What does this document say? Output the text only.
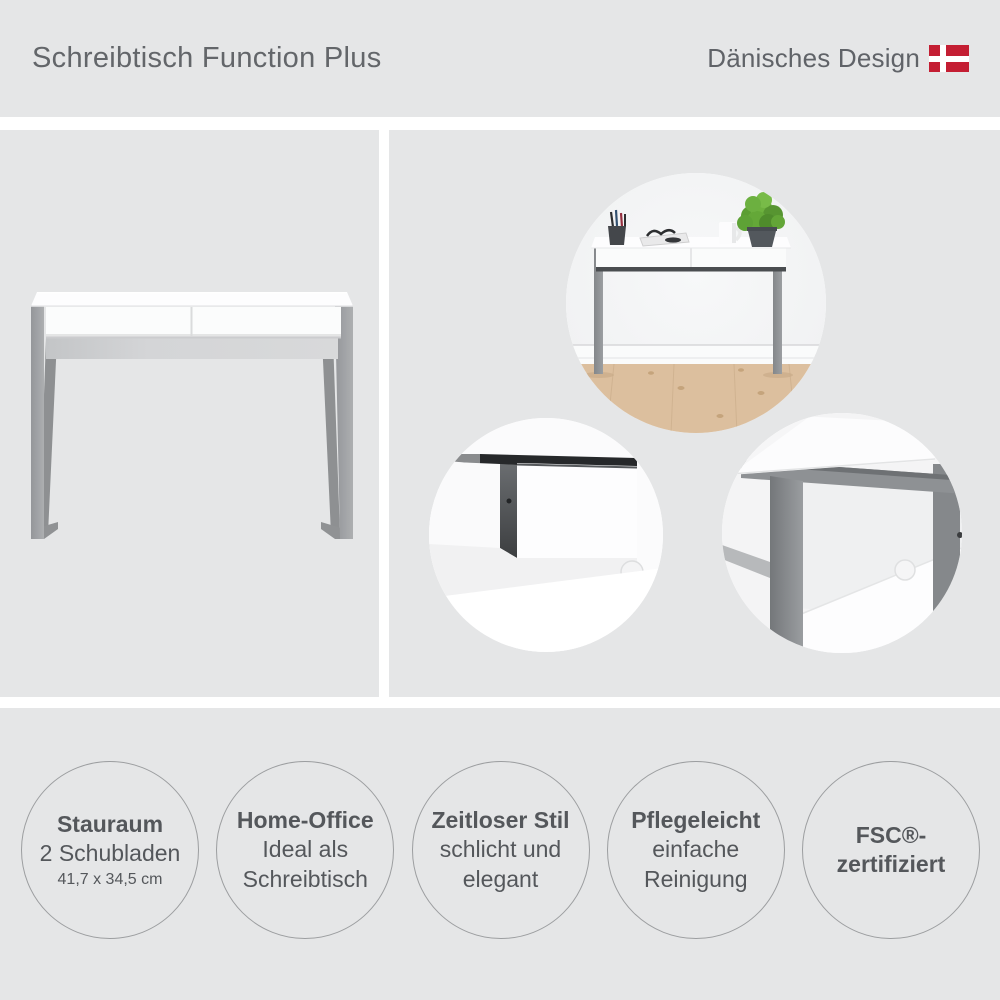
Schreibtisch Function Plus	Dänisches Design
Stauraum
2 Schubladen
41,7 x 34,5 cm
Home-Office
Ideal als
Schreibtisch
Zeitloser Stil
schlicht und
elegant
Pflegeleicht
einfache
Reinigung
FSC®-
zertifiziert
